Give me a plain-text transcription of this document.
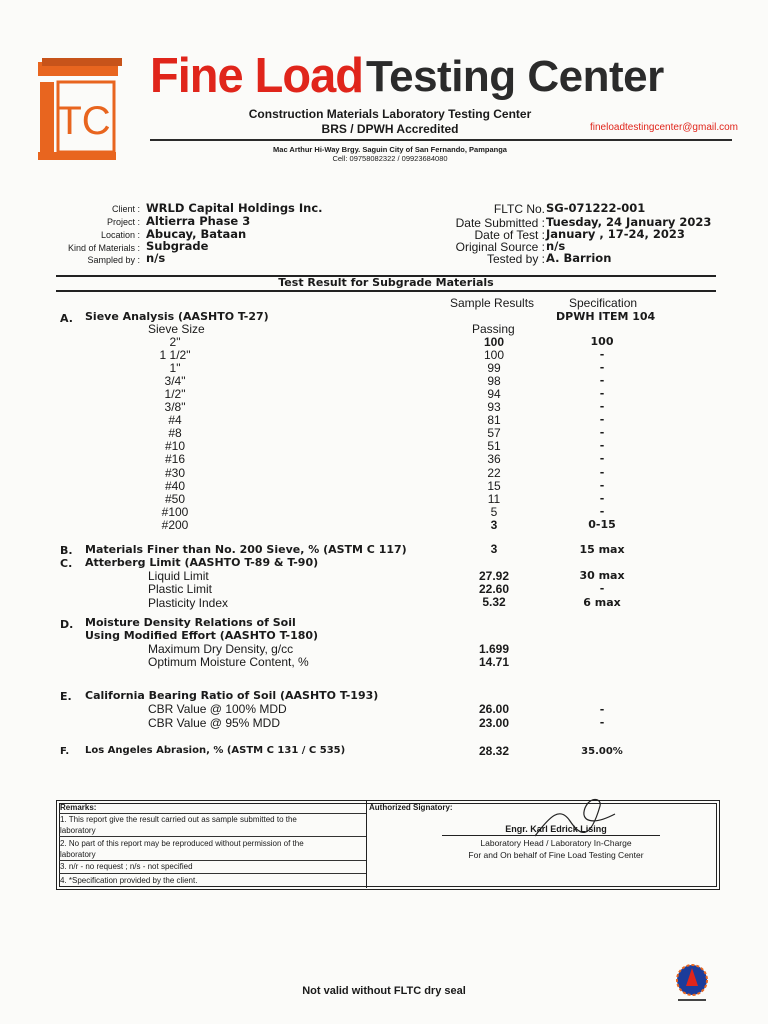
TC
Fine Load Testing Center
Construction Materials Laboratory Testing Center
BRS / DPWH Accredited	fineloadtestingcenter@gmail.com
Mac Arthur Hi-Way Brgy. Saguin City of San Fernando, Pampanga
Cell: 09758082322 / 09923684080
Client : WRLD Capital Holdings Inc.
Project : Altierra Phase 3
Location : Abucay, Bataan
Kind of Materials : Subgrade
Sampled by : n/s
FLTC No. SG-071222-001
Date Submitted : Tuesday, 24 January 2023
Date of Test : January , 17-24, 2023
Original Source : n/s
Tested by : A. Barrion
Test Result for Subgrade Materials
Sample Results	Specification
DPWH ITEM 104
A. Sieve Analysis (AASHTO T-27)
Sieve Size	Passing
2"	100	100
1 1/2"	100	-
1"	99	-
3/4"	98	-
1/2"	94	-
3/8"	93	-
#4	81	-
#8	57	-
#10	51	-
#16	36	-
#30	22	-
#40	15	-
#50	11	-
#100	5	-
#200	3	0-15
B. Materials Finer than No. 200 Sieve, % (ASTM C 117)	3	15 max
C. Atterberg Limit (AASHTO T-89 & T-90)
Liquid Limit	27.92	30 max
Plastic Limit	22.60	-
Plasticity Index	5.32	6 max
D. Moisture Density Relations of Soil
Using Modified Effort (AASHTO T-180)
Maximum Dry Density, g/cc	1.699
Optimum Moisture Content, %	14.71
E. California Bearing Ratio of Soil (AASHTO T-193)
CBR Value @ 100% MDD	26.00	-
CBR Value @ 95% MDD	23.00	-
F. Los Angeles Abrasion, % (ASTM C 131 / C 535)	28.32	35.00%
Remarks:
1. This report give the result carried out as sample submitted to the
laboratory
2. No part of this report may be reproduced without permission of the
laboratory
3. n/r - no request ; n/s - not specified
4. *Specification provided by the client.
Authorized Signatory:
Engr. Karl Edrick Lising
Laboratory Head / Laboratory In-Charge
For and On behalf of Fine Load Testing Center
Not valid without FLTC dry seal
